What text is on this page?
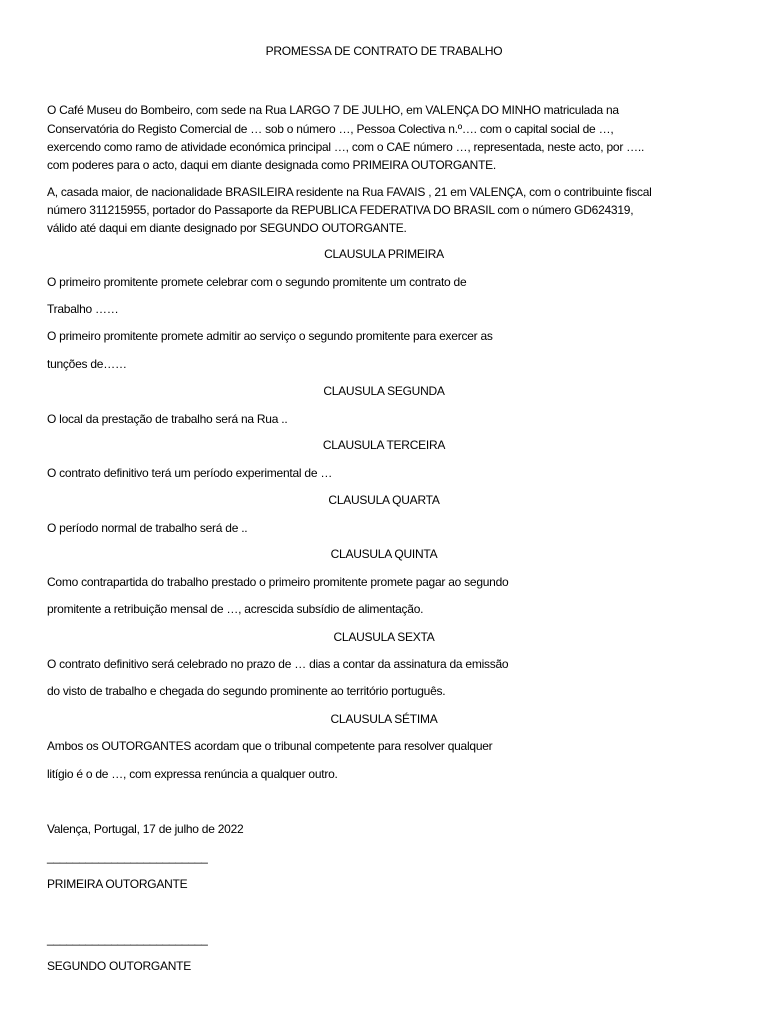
PROMESSA DE CONTRATO DE TRABALHO
O Café Museu do Bombeiro, com sede na Rua LARGO 7 DE JULHO, em VALENÇA DO MINHO matriculada na
Conservatória do Registo Comercial de … sob o número …, Pessoa Colectiva n.º…. com o capital social de …,
exercendo como ramo de atividade económica principal …, com o CAE número …, representada, neste acto, por …..
com poderes para o acto, daqui em diante designada como PRIMEIRA OUTORGANTE.
A, casada maior, de nacionalidade BRASILEIRA residente na Rua FAVAIS , 21 em VALENÇA, com o contribuinte fiscal
número 311215955, portador do Passaporte da REPUBLICA FEDERATIVA DO BRASIL com o número GD624319,
válido até daqui em diante designado por SEGUNDO OUTORGANTE.
CLAUSULA PRIMEIRA
O primeiro promitente promete celebrar com o segundo promitente um contrato de
Trabalho ……
O primeiro promitente promete admitir ao serviço o segundo promitente para exercer as
tunções de……
CLAUSULA SEGUNDA
O local da prestação de trabalho será na Rua ..
CLAUSULA TERCEIRA
O contrato definitivo terá um período experimental de …
CLAUSULA QUARTA
O período normal de trabalho será de ..
CLAUSULA QUINTA
Como contrapartida do trabalho prestado o primeiro promitente promete pagar ao segundo
promitente a retribuição mensal de …, acrescida subsídio de alimentação.
CLAUSULA SEXTA
O contrato definitivo será celebrado no prazo de … dias a contar da assinatura da emissão
do visto de trabalho e chegada do segundo prominente ao território português.
CLAUSULA SÉTIMA
Ambos os OUTORGANTES acordam que o tribunal competente para resolver qualquer
litígio é o de …, com expressa renúncia a qualquer outro.
Valença, Portugal, 17 de julho de 2022
_________________________
PRIMEIRA OUTORGANTE
_________________________
SEGUNDO OUTORGANTE
